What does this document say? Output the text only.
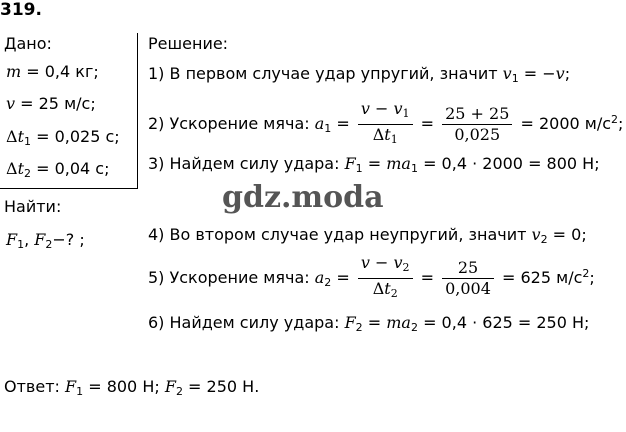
319.
Дано:
m = 0,4 кг;
v = 25 м/с;
$\Delta t_1 = 0,025$ с;
$\Delta t_2 = 0,04$ с;
Найти:
$F_1$, $F_2-$? ;
Решение:
1) В первом случае удар упругий, значит $v_1 = -v$;
2) Ускорение мяча: $a_1 = \frac{v - v_1}{\Delta t_1} = \frac{25 + 25}{0,025} = 2000$ $м/с^2$;
3) Найдем силу удара: $F_1 = ma_1 = 0,4 \cdot 2000 = 800$ Н;
gdz.moda
4) Во втором случае удар неупругий, значит $v_2 = 0$;
5) Ускорение мяча: $a_2 = \frac{v - v_2}{\Delta t_2} = \frac{25}{0,004} = 625$ $м/с^2$;
6) Найдем силу удара: $F_2 = ma_2 = 0,4 \cdot 625 = 250$ Н;
Ответ: $F_1 = 800$ Н; $F_2 = 250$ Н.
